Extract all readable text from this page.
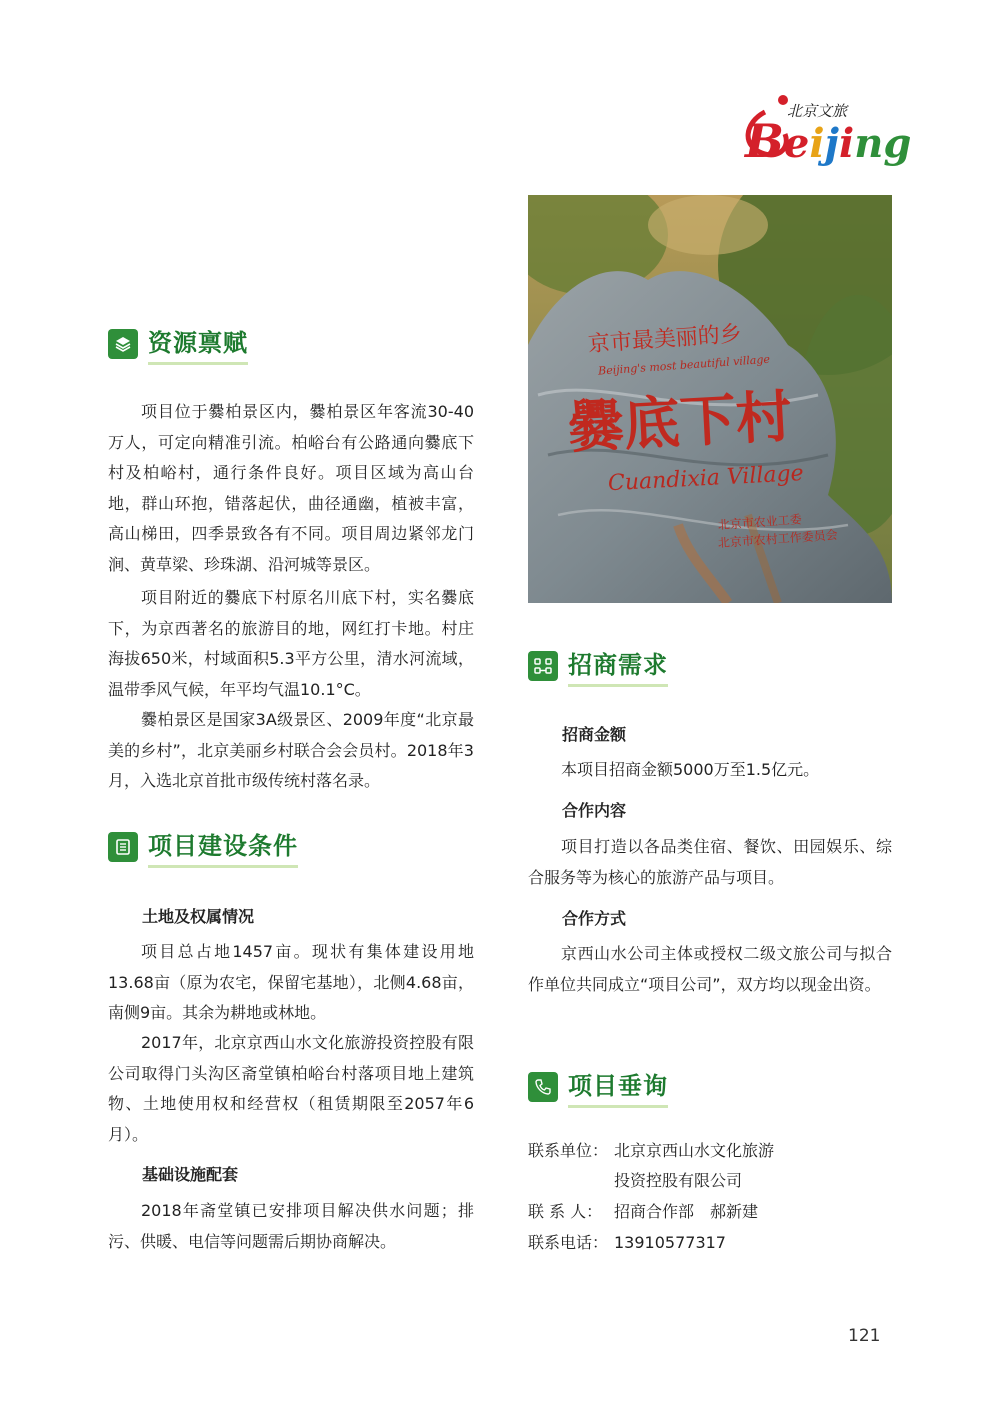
北京文旅
Beijing
资源禀赋

项目位于爨柏景区内，爨柏景区年客流30-40万人，可定向精准引流。柏峪台有公路通向爨底下村及柏峪村，通行条件良好。项目区域为高山台地，群山环抱，错落起伏，曲径通幽，植被丰富，高山梯田，四季景致各有不同。项目周边紧邻龙门涧、黄草梁、珍珠湖、沿河城等景区。

项目附近的爨底下村原名川底下村，实名爨底下，为京西著名的旅游目的地，网红打卡地。村庄海拔650米，村域面积5.3平方公里，清水河流域，温带季风气候，年平均气温10.1°C。

爨柏景区是国家3A级景区、2009年度“北京最美的乡村”，北京美丽乡村联合会会员村。2018年3月，入选北京首批市级传统村落名录。

项目建设条件

土地及权属情况

项目总占地1457亩。现状有集体建设用地13.68亩（原为农宅，保留宅基地），北侧4.68亩，南侧9亩。其余为耕地或林地。

2017年，北京京西山水文化旅游投资控股有限公司取得门头沟区斋堂镇柏峪台村落项目地上建筑物、土地使用权和经营权（租赁期限至2057年6月）。

基础设施配套

2018年斋堂镇已安排项目解决供水问题；排污、供暖、电信等问题需后期协商解决。

京市最美丽的乡
Beijing's most beautiful village
爨底下村
Cuandixia Village
北京市农业工委
北京市农村工作委员会
招商需求

招商金额

本项目招商金额5000万至1.5亿元。

合作内容

项目打造以各品类住宿、餐饮、田园娱乐、综合服务等为核心的旅游产品与项目。

合作方式

京西山水公司主体或授权二级文旅公司与拟合作单位共同成立“项目公司”，双方均以现金出资。

项目垂询
联系单位： 北京京西山水文化旅游
投资控股有限公司
联 系 人： 招商合作部　郝新建
联系电话： 13910577317
121
